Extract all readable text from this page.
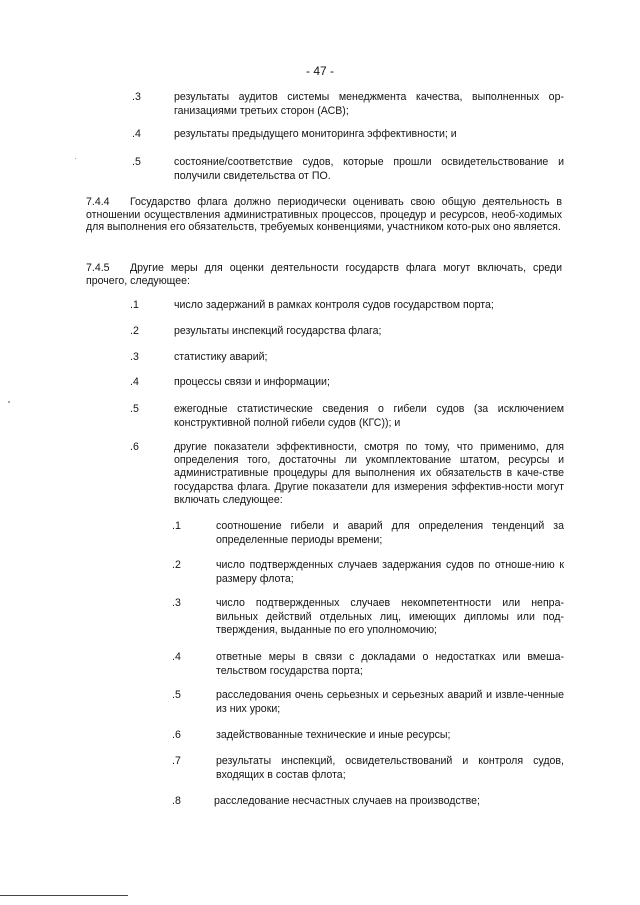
- 47 -
.3	результаты аудитов системы менеджмента качества, выполненных ор-ганизациями третьих сторон (АСВ);
.4	результаты предыдущего мониторинга эффективности; и
.5	состояние/соответствие судов, которые прошли освидетельствование и получили свидетельства от ПО.
7.4.4 Государство флага должно периодически оценивать свою общую деятельность в отношении осуществления административных процессов, процедур и ресурсов, необ-ходимых для выполнения его обязательств, требуемых конвенциями, участником кото-рых оно является.
7.4.5 Другие меры для оценки деятельности государств флага могут включать, среди прочего, следующее:
.1	число задержаний в рамках контроля судов государством порта;
.2	результаты инспекций государства флага;
.3	статистику аварий;
.4	процессы связи и информации;
.5	ежегодные статистические сведения о гибели судов (за исключением конструктивной полной гибели судов (КГС)); и
.6	другие показатели эффективности, смотря по тому, что применимо, для определения того, достаточны ли укомплектование штатом, ресурсы и административные процедуры для выполнения их обязательств в каче-стве государства флага. Другие показатели для измерения эффектив-ности могут включать следующее:
.1	соотношение гибели и аварий для определения тенденций за определенные периоды времени;
.2	число подтвержденных случаев задержания судов по отноше-нию к размеру флота;
.3	число подтвержденных случаев некомпетентности или непра-вильных действий отдельных лиц, имеющих дипломы или под-тверждения, выданные по его уполномочию;
.4	ответные меры в связи с докладами о недостатках или вмеша-тельством государства порта;
.5	расследования очень серьезных и серьезных аварий и извле-ченные из них уроки;
.6	задействованные технические и иные ресурсы;
.7	результаты инспекций, освидетельствований и контроля судов, входящих в состав флота;
.8	расследование несчастных случаев на производстве;
